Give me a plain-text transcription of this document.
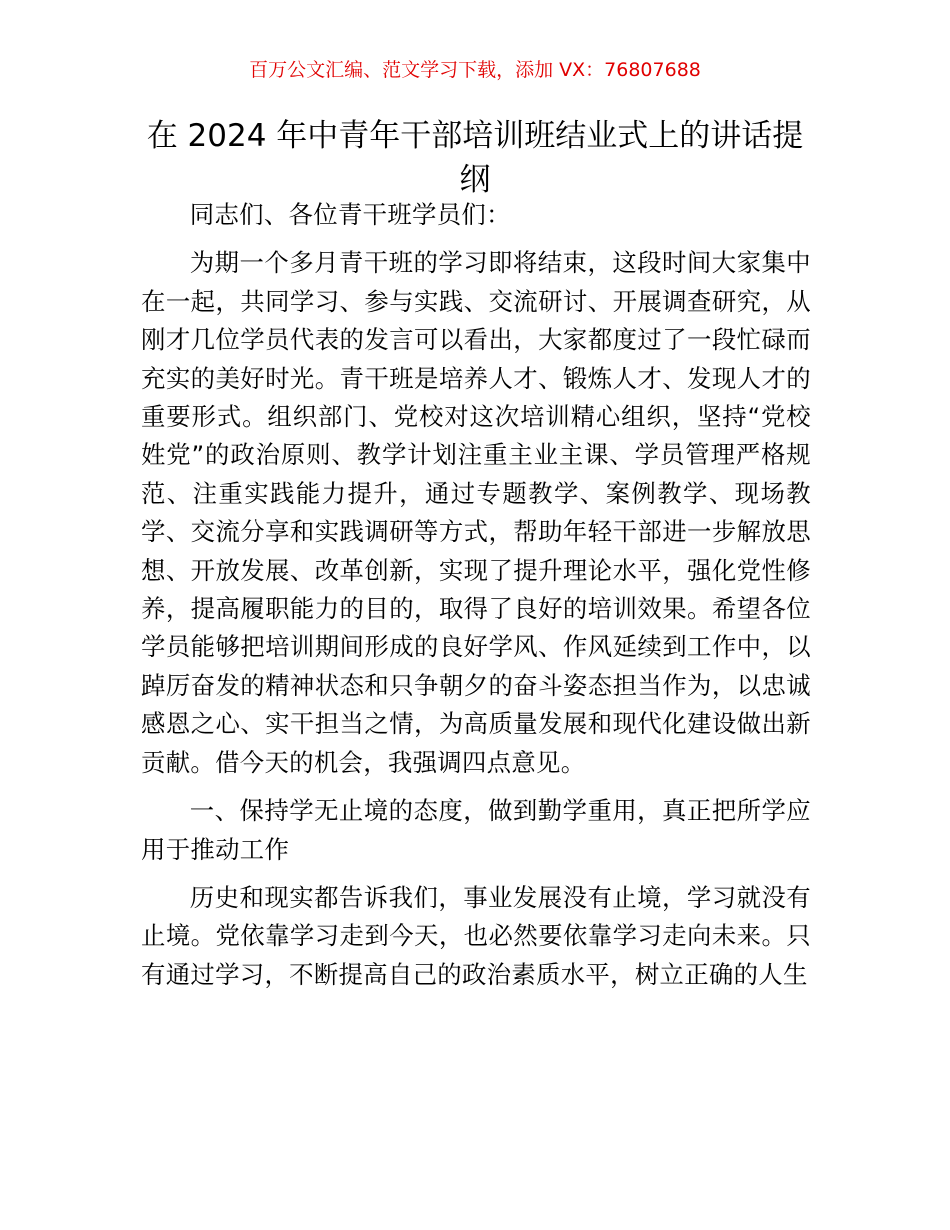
百万公文汇编、范文学习下载，添加 VX：76807688
在 2024 年中青年干部培训班结业式上的讲话提纲

同志们、各位青干班学员们：

为期一个多月青干班的学习即将结束，这段时间大家集中在一起，共同学习、参与实践、交流研讨、开展调查研究，从刚才几位学员代表的发言可以看出，大家都度过了一段忙碌而充实的美好时光。青干班是培养人才、锻炼人才、发现人才的重要形式。组织部门、党校对这次培训精心组织，坚持“党校姓党”的政治原则、教学计划注重主业主课、学员管理严格规范、注重实践能力提升，通过专题教学、案例教学、现场教学、交流分享和实践调研等方式，帮助年轻干部进一步解放思想、开放发展、改革创新，实现了提升理论水平，强化党性修养，提高履职能力的目的，取得了良好的培训效果。希望各位学员能够把培训期间形成的良好学风、作风延续到工作中，以踔厉奋发的精神状态和只争朝夕的奋斗姿态担当作为，以忠诚感恩之心、实干担当之情，为高质量发展和现代化建设做出新贡献。借今天的机会，我强调四点意见。

一、保持学无止境的态度，做到勤学重用，真正把所学应用于推动工作

历史和现实都告诉我们，事业发展没有止境，学习就没有止境。党依靠学习走到今天，也必然要依靠学习走向未来。只有通过学习，不断提高自己的政治素质水平，树立正确的人生
